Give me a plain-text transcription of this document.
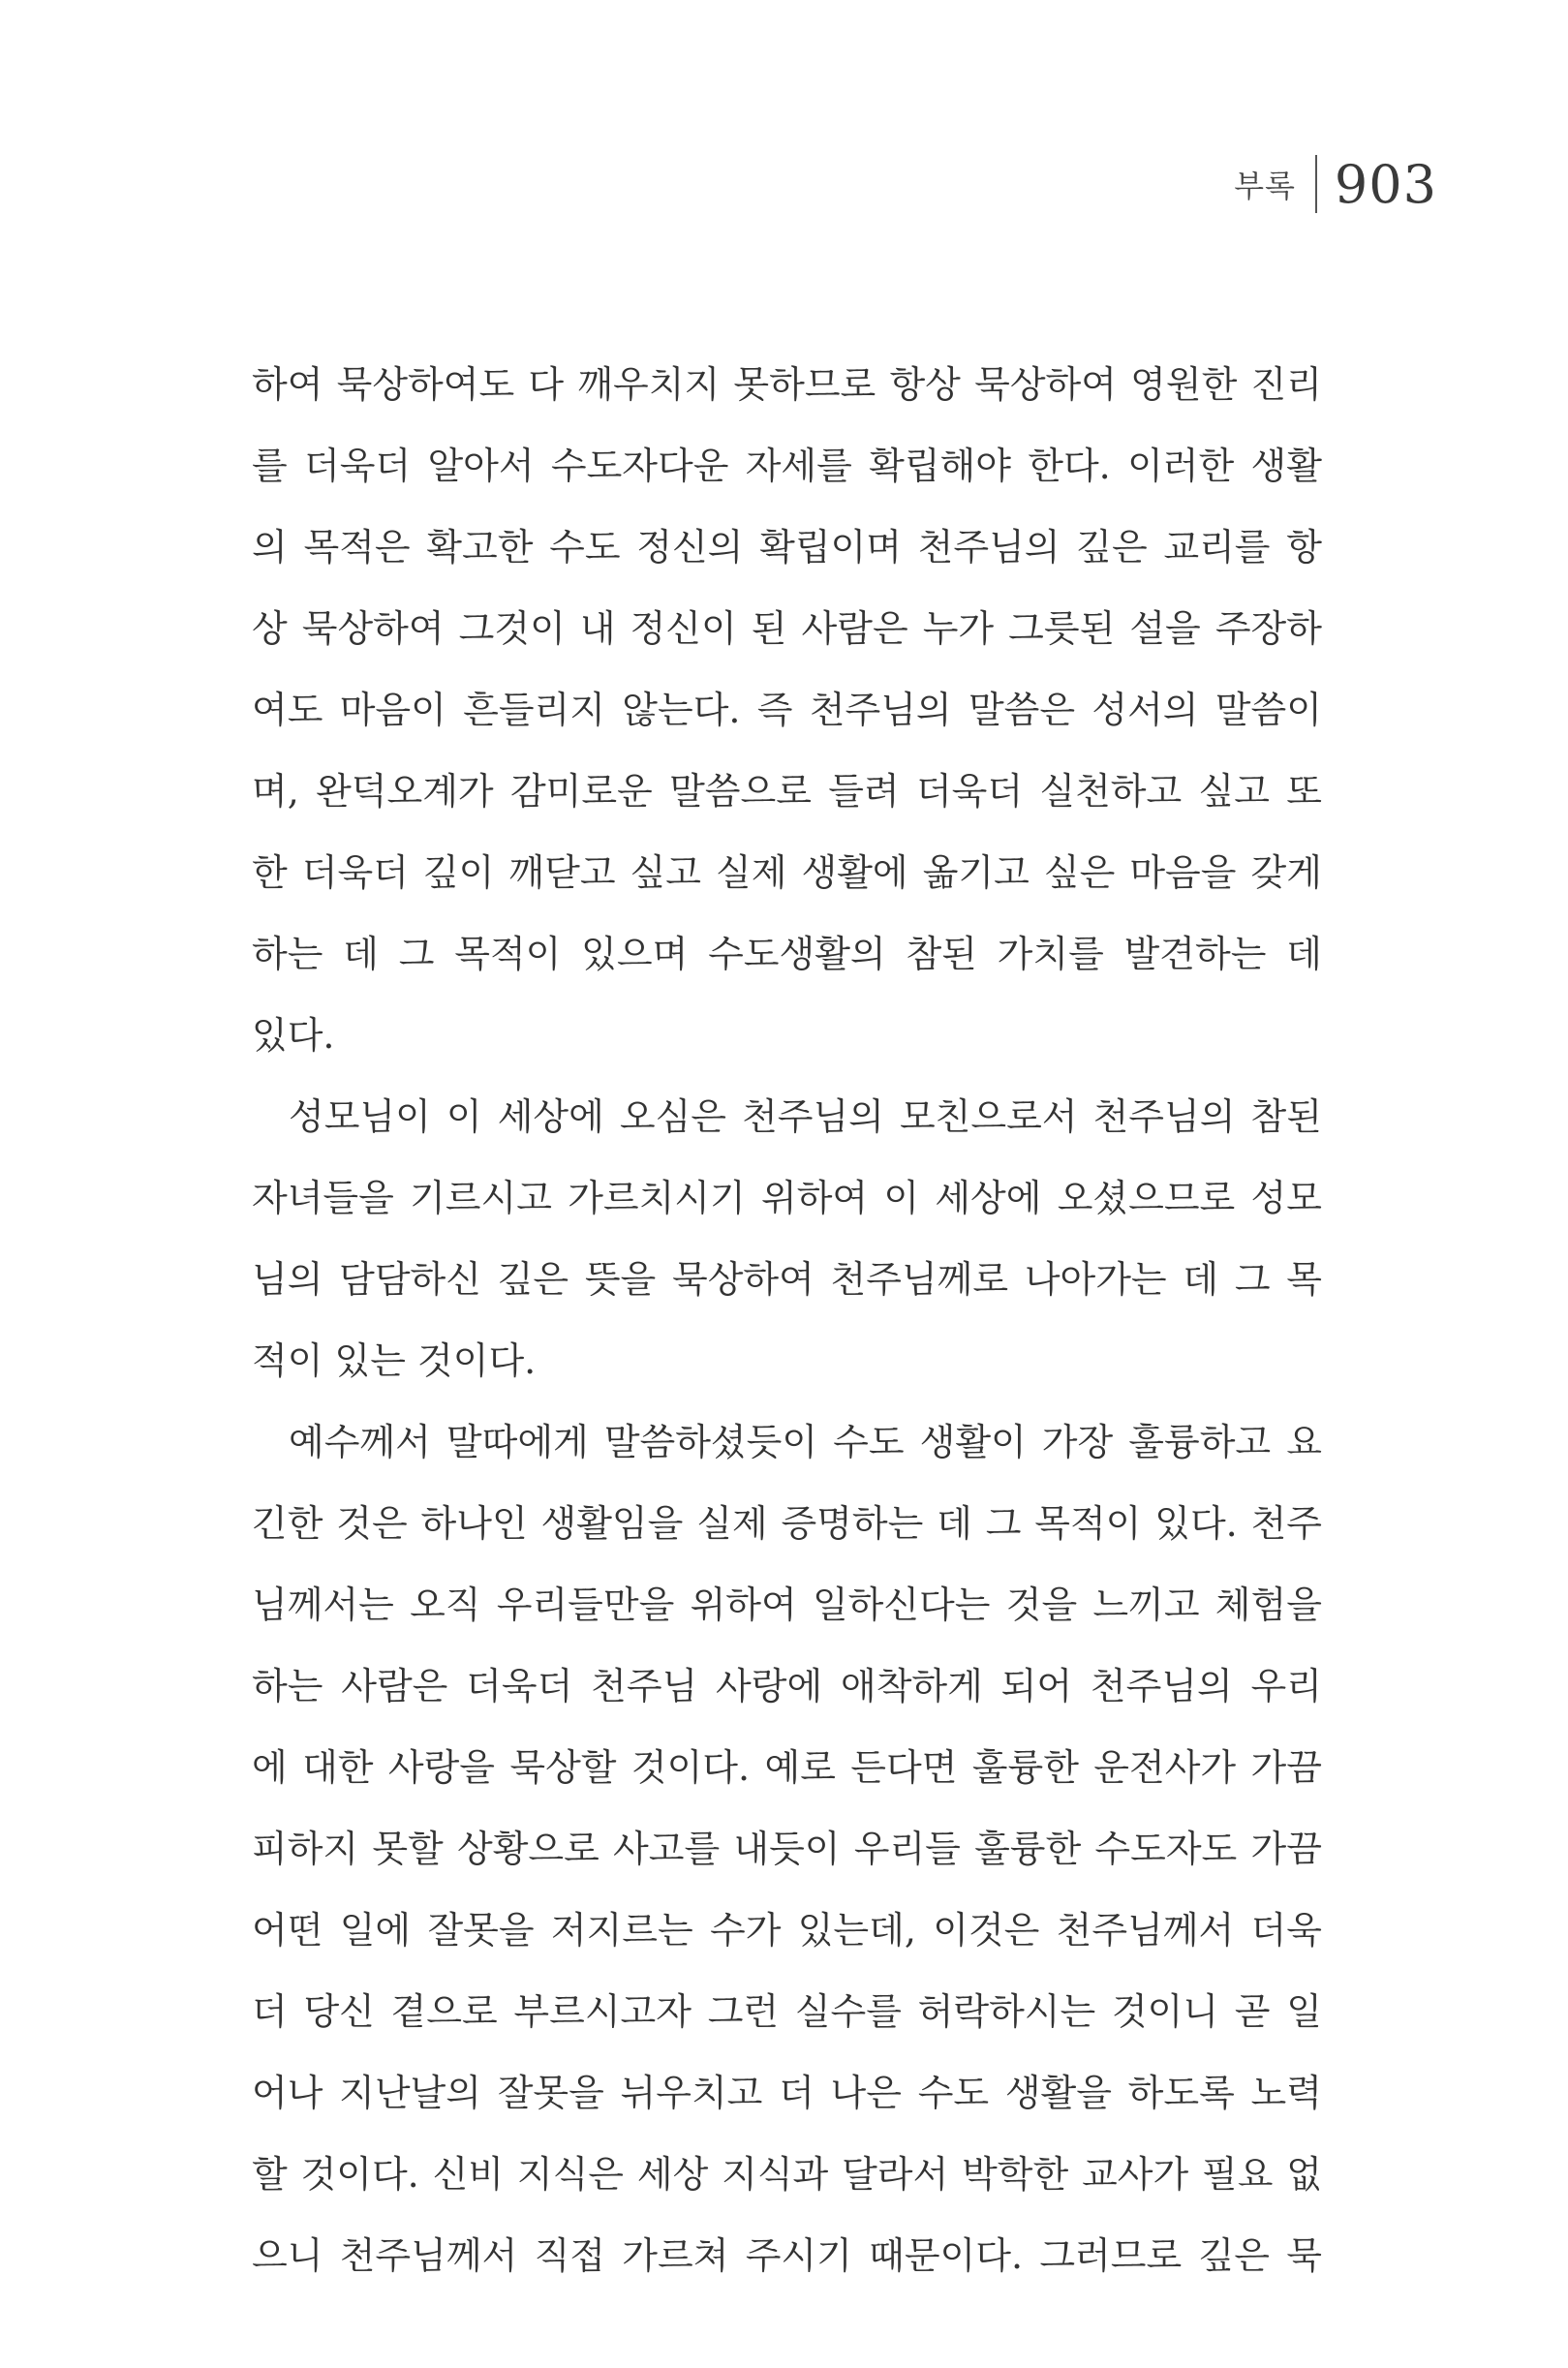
부록 903
하여 묵상하여도 다 깨우치지 못하므로 항상 묵상하여 영원한 진리
를 더욱더 알아서 수도자다운 자세를 확립해야 한다. 이러한 생활
의 목적은 확고한 수도 정신의 확립이며 천주님의 깊은 교리를 항
상 묵상하여 그것이 내 정신이 된 사람은 누가 그릇된 설을 주장하
여도 마음이 흔들리지 않는다. 즉 천주님의 말씀은 성서의 말씀이
며, 완덕오계가 감미로운 말씀으로 들려 더욱더 실천하고 싶고 또
한 더욱더 깊이 깨닫고 싶고 실제 생활에 옮기고 싶은 마음을 갖게
하는 데 그 목적이 있으며 수도생활의 참된 가치를 발견하는 데
있다.
성모님이 이 세상에 오심은 천주님의 모친으로서 천주님의 참된
자녀들을 기르시고 가르치시기 위하여 이 세상에 오셨으므로 성모
님의 담담하신 깊은 뜻을 묵상하여 천주님께로 나아가는 데 그 목
적이
있는
것이다.
예수께서 말따에게 말씀하셨듯이 수도 생활이 가장 훌륭하고 요
긴한 것은 하나인 생활임을 실제 증명하는 데 그 목적이 있다. 천주
님께서는 오직 우리들만을 위하여 일하신다는 것을 느끼고 체험을
하는 사람은 더욱더 천주님 사랑에 애착하게 되어 천주님의 우리
에 대한 사랑을 묵상할 것이다. 예로 든다면 훌륭한 운전사가 가끔
피하지 못할 상황으로 사고를 내듯이 우리들 훌륭한 수도자도 가끔
어떤 일에 잘못을 저지르는 수가 있는데, 이것은 천주님께서 더욱
더 당신 곁으로 부르시고자 그런 실수를 허락하시는 것이니 곧 일
어나 지난날의 잘못을 뉘우치고 더 나은 수도 생활을 하도록 노력
할 것이다. 신비 지식은 세상 지식과 달라서 박학한 교사가 필요 없
으니 천주님께서 직접 가르쳐 주시기 때문이다. 그러므로 깊은 묵
